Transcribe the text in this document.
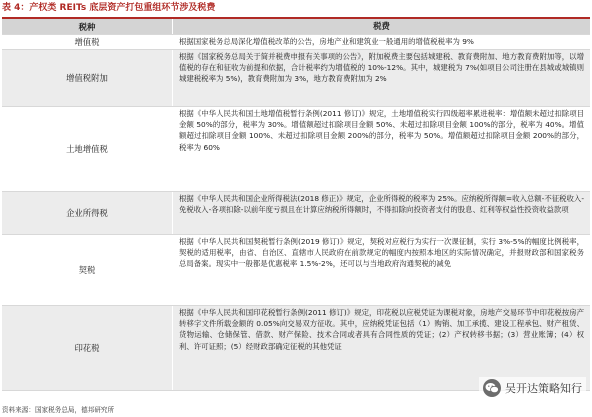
表 4：产权类 REITs 底层资产打包重组环节涉及税费
税种	税费
增值税	根据国家税务总局深化增值税改革的公告，房地产业和建筑业一般通用的增值税税率为 9%
增值税附加
根据《国家税务总局关于简并税费申报有关事项的公告》，附加税费主要包括城建税、教育费附加、地方教育费附加等，以增值税的存在和征收为前提和依据，合计税率约为增值税的 10%-12%。其中，城建税为 7%(如项目公司注册在县城或城镇则城建税税率为 5%)，教育费附加为 3%，地方教育费附加为 2%
土地增值税
根据《中华人民共和国土地增值税暂行条例(2011 修订)》规定，土地增值税实行四级超率累进税率：增值额未超过扣除项目金额 50%的部分，税率为 30%。增值额超过扣除项目金额 50%、未超过扣除项目金额 100%的部分，税率为 40%。增值额超过扣除项目金额 100%、未超过扣除项目金额 200%的部分，税率为 50%。增值额超过扣除项目金额 200%的部分，税率为 60%
企业所得税
根据《中华人民共和国企业所得税法(2018 修正)》规定，企业所得税的税率为 25%。应纳税所得额=收入总额-不征税收入-免税收入-各项扣除-以前年度亏损且在计算应纳税所得额时，不得扣除向投资者支付的股息、红利等权益性投资收益款项
契税
根据《中华人民共和国契税暂行条例(2019 修订)》规定，契税对应税行为实行一次课征制，实行 3%-5%的幅度比例税率，契税的适用税率，由省、自治区、直辖市人民政府在前款规定的幅度内按照本地区的实际情况确定，并报财政部和国家税务总局备案。现实中一般都是优惠税率 1.5%-2%，还可以与当地政府沟通契税的减免
印花税
根据《中华人民共和国印花税暂行条例(2011 修订)》规定，印花税以应税凭证为课税对象，房地产交易环节中印花税按房产转移字文件所载金额的 0.05%向交易双方征收。其中，应纳税凭证包括（1）购销、加工承揽、建设工程承包、财产租赁、货物运输、仓储保管、借款、财产保险、技术合同或者具有合同性质的凭证；(2）产权转移书据；(3）营业账簿；(4）权利、许可证照；(5）经财政部确定征税的其他凭证
资料来源：国家税务总局，德邦研究所
吴开达策略知行
